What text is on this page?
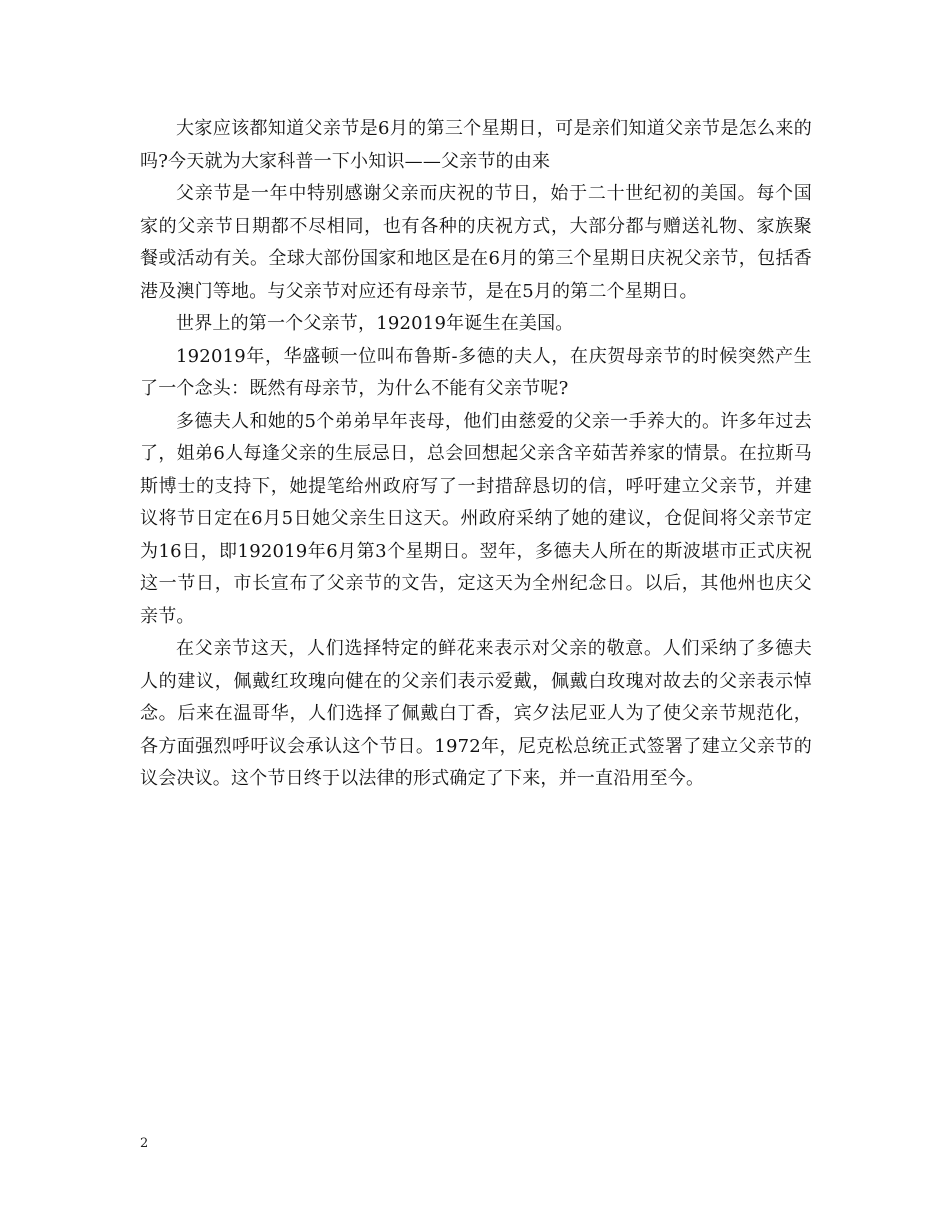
大家应该都知道父亲节是6月的第三个星期日，可是亲们知道父亲节是怎么来的吗?今天就为大家科普一下小知识——父亲节的由来

父亲节是一年中特别感谢父亲而庆祝的节日，始于二十世纪初的美国。每个国家的父亲节日期都不尽相同，也有各种的庆祝方式，大部分都与赠送礼物、家族聚餐或活动有关。全球大部份国家和地区是在6月的第三个星期日庆祝父亲节，包括香港及澳门等地。与父亲节对应还有母亲节，是在5月的第二个星期日。

世界上的第一个父亲节，192019年诞生在美国。

192019年，华盛顿一位叫布鲁斯-多德的夫人，在庆贺母亲节的时候突然产生了一个念头：既然有母亲节，为什么不能有父亲节呢?

多德夫人和她的5个弟弟早年丧母，他们由慈爱的父亲一手养大的。许多年过去了，姐弟6人每逢父亲的生辰忌日，总会回想起父亲含辛茹苦养家的情景。在拉斯马斯博士的支持下，她提笔给州政府写了一封措辞恳切的信，呼吁建立父亲节，并建议将节日定在6月5日她父亲生日这天。州政府采纳了她的建议，仓促间将父亲节定为16日，即192019年6月第3个星期日。翌年，多德夫人所在的斯波堪市正式庆祝这一节日，市长宣布了父亲节的文告，定这天为全州纪念日。以后，其他州也庆父亲节。

在父亲节这天，人们选择特定的鲜花来表示对父亲的敬意。人们采纳了多德夫人的建议，佩戴红玫瑰向健在的父亲们表示爱戴，佩戴白玫瑰对故去的父亲表示悼念。后来在温哥华，人们选择了佩戴白丁香，宾夕法尼亚人为了使父亲节规范化，各方面强烈呼吁议会承认这个节日。1972年，尼克松总统正式签署了建立父亲节的议会决议。这个节日终于以法律的形式确定了下来，并一直沿用至今。

2
